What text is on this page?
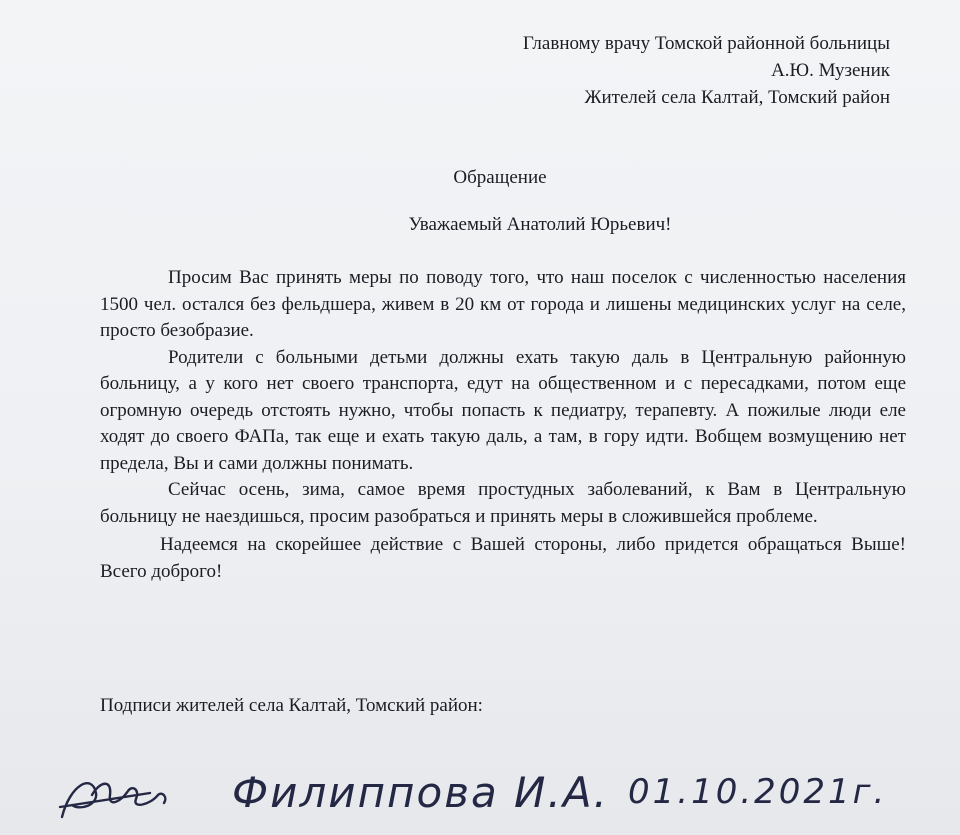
Главному врачу Томской районной больницы
А.Ю. Музеник
Жителей села Калтай, Томский район
Обращение
Уважаемый Анатолий Юрьевич!

Просим Вас принять меры по поводу того, что наш поселок с численностью населения 1500 чел. остался без фельдшера, живем в 20 км от города и лишены медицинских услуг на селе, просто безобразие.

Родители с больными детьми должны ехать такую даль в Центральную районную больницу, а у кого нет своего транспорта, едут на общественном и с пересадками, потом еще огромную очередь отстоять нужно, чтобы попасть к педиатру, терапевту. А пожилые люди еле ходят до своего ФАПа, так еще и ехать такую даль, а там, в гору идти. Вобщем возмущению нет предела, Вы и сами должны понимать.

Сейчас осень, зима, самое время простудных заболеваний, к Вам в Центральную больницу не наездишься, просим разобраться и принять меры в сложившейся проблеме.

Надеемся на скорейшее действие с Вашей стороны, либо придется обращаться Выше! Всего доброго!

Подписи жителей села Калтай, Томский район:
Филиппова И.А. 01.10.2021г.
